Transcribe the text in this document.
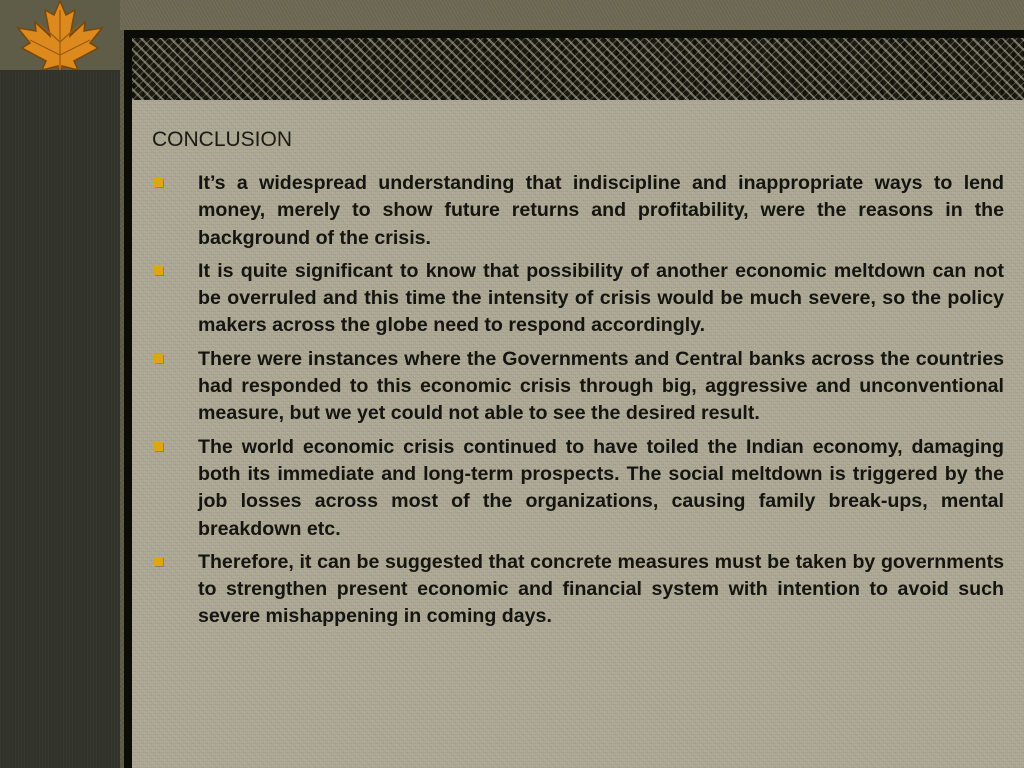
CONCLUSION
It’s a widespread understanding that indiscipline and inappropriate ways to lend money, merely to show future returns and profitability, were the reasons in the background of the crisis.
It is quite significant to know that possibility of another economic meltdown can not be overruled and this time the intensity of crisis would be much severe, so the policy makers across the globe need to respond accordingly.
There were instances where the Governments and Central banks across the countries had responded to this economic crisis through big, aggressive and unconventional measure, but we yet could not able to see the desired result.
The world economic crisis continued to have toiled the Indian economy, damaging both its immediate and long-term prospects. The social meltdown is triggered by the job losses across most of the organizations, causing family break-ups, mental breakdown etc.
Therefore, it can be suggested that concrete measures must be taken by governments to strengthen present economic and financial system with intention to avoid such severe mishappening in coming days.
